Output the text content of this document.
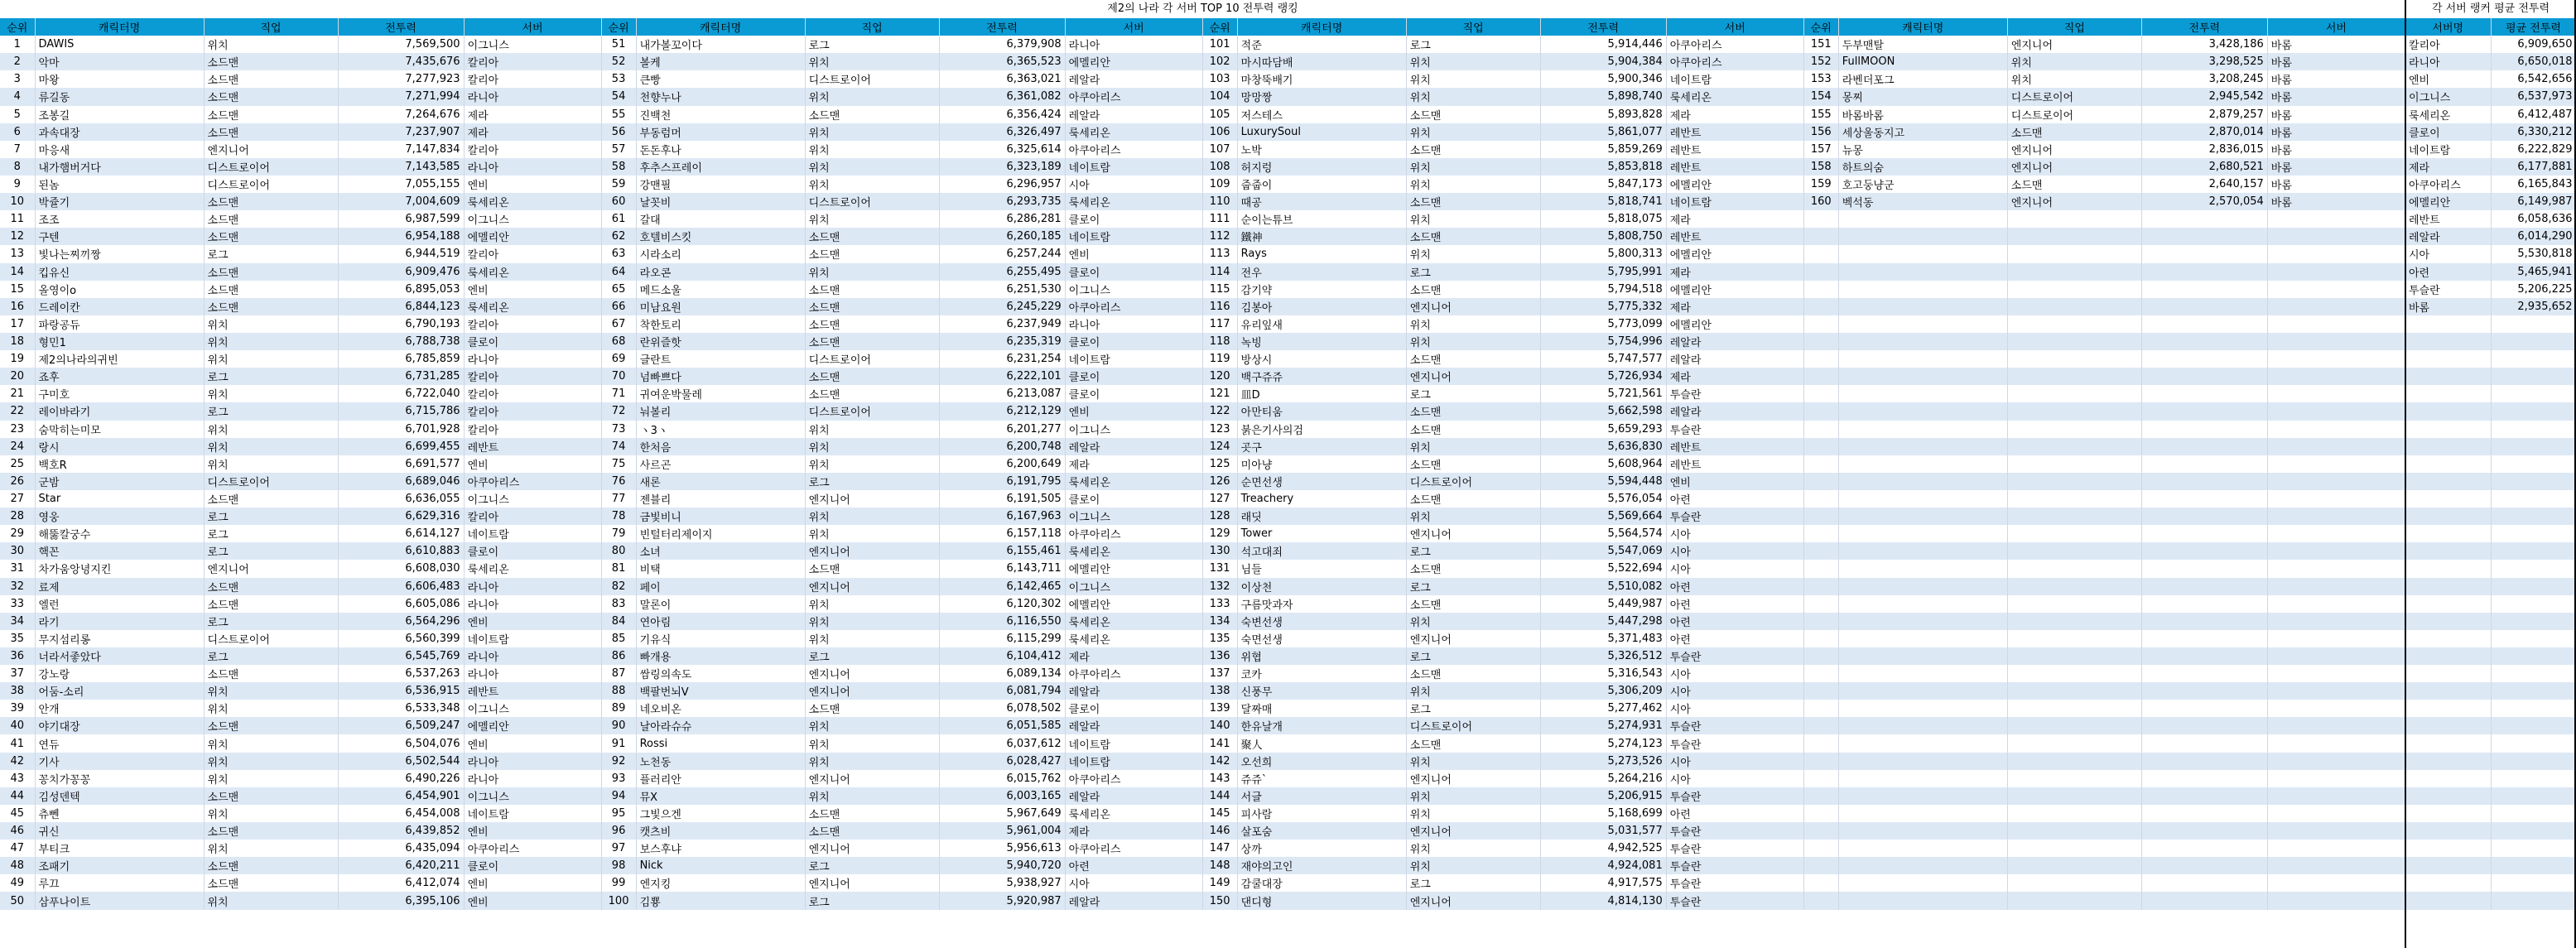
제2의 나라 각 서버 TOP 10 전투력 랭킹	각 서버 랭커 평균 전투력
순위	캐릭터명	직업	전투력	서버	순위	캐릭터명	직업	전투력	서버	순위	캐릭터명	직업	전투력	서버	순위	캐릭터명	직업	전투력	서버
1	DAWIS	위치	7,569,500	이그니스	51	내가볼꼬이다	로그	6,379,908	라니아	101	적준	로그	5,914,446	아쿠아리스	151	두부맨탈	엔지니어	3,428,186	바롬
2	악마	소드맨	7,435,676	칼리아	52	볼케	위치	6,365,523	에멜리안	102	마시따담배	위치	5,904,384	아쿠아리스	152	FullMOON	위치	3,298,525	바롬
3	마왕	소드맨	7,277,923	칼리아	53	큰빵	디스트로이어	6,363,021	레알라	103	마창뚝배기	위치	5,900,346	네이트람	153	라벤더포그	위치	3,208,245	바롬
4	류길동	소드맨	7,271,994	라니아	54	천향누나	위치	6,361,082	아쿠아리스	104	망망짱	위치	5,898,740	룩세리온	154	몽찌	디스트로이어	2,945,542	바롬
5	조봉길	소드맨	7,264,676	제라	55	진백천	소드맨	6,356,424	레알라	105	저스테스	소드맨	5,893,828	제라	155	바롬바롬	디스트로이어	2,879,257	바롬
6	과속대장	소드맨	7,237,907	제라	56	부동럼머	위치	6,326,497	룩세리온	106	LuxurySoul	위치	5,861,077	레반트	156	세상울동지고	소드맨	2,870,014	바롬
7	마응새	엔지니어	7,147,834	칼리아	57	돈돈후나	위치	6,325,614	아쿠아리스	107	노박	소드맨	5,859,269	레반트	157	뉴몽	엔지니어	2,836,015	바롬
8	내가햄버거다	디스트로이어	7,143,585	라니아	58	후추스프레이	위치	6,323,189	네이트람	108	허지렁	위치	5,853,818	레반트	158	하트의숨	엔지니어	2,680,521	바롬
9	된놈	디스트로이어	7,055,155	엔비	59	강맨필	위치	6,296,957	시아	109	줍줍이	위치	5,847,173	에멜리안	159	호고둥냥군	소드맨	2,640,157	바롬
10	박쥴기	소드맨	7,004,609	룩세리온	60	날꼿비	디스트로이어	6,293,735	룩세리온	110	때공	소드맨	5,818,741	네이트람	160	벡석동	엔지니어	2,570,054	바롬
11	조조	소드맨	6,987,599	이그니스	61	갈대	위치	6,286,281	클로이	111	순이는튜브	위치	5,818,075	제라					
12	구텐	소드맨	6,954,188	에멜리안	62	호텔비스킷	소드맨	6,260,185	네이트람	112	鐵神	소드맨	5,808,750	레반트					
13	빛나는찌끼짱	로그	6,944,519	칼리아	63	시라소리	소드맨	6,257,244	엔비	113	Rays	위치	5,800,313	에멜리안					
14	킵유신	소드맨	6,909,476	룩세리온	64	라오콘	위치	6,255,495	클로이	114	전우	로그	5,795,991	제라					
15	올영이o	소드맨	6,895,053	엔비	65	메드소울	소드맨	6,251,530	이그니스	115	감기약	소드맨	5,794,518	에멜리안					
16	드레이칸	소드맨	6,844,123	룩세리온	66	미남요원	소드맨	6,245,229	아쿠아리스	116	김봉아	엔지니어	5,775,332	제라					
17	파랑공듀	위치	6,790,193	칼리아	67	착한토리	소드맨	6,237,949	라니아	117	유리잎새	위치	5,773,099	에멜리안					
18	형민1	위치	6,788,738	클로이	68	란위즐핫	소드맨	6,235,319	클로이	118	녹빙	위치	5,754,996	레알라					
19	제2의나라의귀빈	위치	6,785,859	라니아	69	글란트	디스트로이어	6,231,254	네이트람	119	방상시	소드맨	5,747,577	레알라					
20	죠후	로그	6,731,285	칼리아	70	넘빠쁘다	소드맨	6,222,101	클로이	120	백구쥬쥬	엔지니어	5,726,934	제라					
21	구미호	위치	6,722,040	칼리아	71	귀여운박물레	소드맨	6,213,087	클로이	121	皿D	로그	5,721,561	투슬란					
22	레이바라기	로그	6,715,786	칼리아	72	눠볼리	디스트로이어	6,212,129	엔비	122	아만티움	소드맨	5,662,598	레알라					
23	숨막히는미모	위치	6,701,928	칼리아	73	ヽ3ヽ	위치	6,201,277	이그니스	123	붉은기사의검	소드맨	5,659,293	투슬란					
24	랑시	위치	6,699,455	레반트	74	한처음	위치	6,200,748	레알라	124	곳구	위치	5,636,830	레반트					
25	백호R	위치	6,691,577	엔비	75	사르곤	위치	6,200,649	제라	125	미아냥	소드맨	5,608,964	레반트					
26	군밤	디스트로이어	6,689,046	아쿠아리스	76	새론	로그	6,191,795	룩세리온	126	순면선생	디스트로이어	5,594,448	엔비					
27	Star	소드맨	6,636,055	이그니스	77	젠블리	엔지니어	6,191,505	클로이	127	Treachery	소드맨	5,576,054	아련					
28	영웅	로그	6,629,316	칼리아	78	금빛비니	위치	6,167,963	이그니스	128	래딧	위치	5,569,664	투슬란					
29	해뚫칼궁수	로그	6,614,127	네이트람	79	빈털터리제이지	위치	6,157,118	아쿠아리스	129	Tower	엔지니어	5,564,574	시아					
30	핵꼰	로그	6,610,883	클로이	80	소녀	엔지니어	6,155,461	룩세리온	130	석고대죄	로그	5,547,069	시아					
31	차가움앙녕지킨	엔지니어	6,608,030	룩세리온	81	비택	소드맨	6,143,711	에멜리안	131	님들	소드맨	5,522,694	시아					
32	료제	소드맨	6,606,483	라니아	82	페이	엔지니어	6,142,465	이그니스	132	이상천	로그	5,510,082	아련					
33	엘런	소드맨	6,605,086	라니아	83	말론이	위치	6,120,302	에멜리안	133	구름맛과자	소드맨	5,449,987	아련					
34	라기	로그	6,564,296	엔비	84	연아림	위치	6,116,550	룩세리온	134	숙변선생	위치	5,447,298	아련					
35	무지섬리롱	디스트로이어	6,560,399	네이트람	85	기유식	위치	6,115,299	룩세리온	135	숙면선생	엔지니어	5,371,483	아련					
36	너라서좋았다	로그	6,545,769	라니아	86	빠개용	로그	6,104,412	제라	136	위협	로그	5,326,512	투슬란					
37	강노랑	소드맨	6,537,263	라니아	87	쌈링의속도	엔지니어	6,089,134	아쿠아리스	137	코카	소드맨	5,316,543	시아					
38	어둠-소리	위치	6,536,915	레반트	88	백팔번뇌V	엔지니어	6,081,794	레알라	138	신풍무	위치	5,306,209	시아					
39	안개	위치	6,533,348	이그니스	89	네오비온	소드맨	6,078,502	클로이	139	달짜매	로그	5,277,462	시아					
40	야기대장	소드맨	6,509,247	에멜리안	90	날아라슈슈	위치	6,051,585	레알라	140	한유날개	디스트로이어	5,274,931	투슬란					
41	연듀	위치	6,504,076	엔비	91	Rossi	위치	6,037,612	네이트람	141	聚人	소드맨	5,274,123	투슬란					
42	기사	위치	6,502,544	라니아	92	노천동	위치	6,028,427	네이트람	142	오선희	위치	5,273,526	시아					
43	꽁치가꽁꽁	위치	6,490,226	라니아	93	플러리안	엔지니어	6,015,762	아쿠아리스	143	쥬쥬`	엔지니어	5,264,216	시아					
44	김성덴텍	소드맨	6,454,901	이그니스	94	뮤X	위치	6,003,165	레알라	144	서글	위치	5,206,915	투슬란					
45	츄뻰	위치	6,454,008	네이트람	95	그빛으겐	소드맨	5,967,649	룩세리온	145	피사람	위치	5,168,699	아련					
46	귀신	소드맨	6,439,852	엔비	96	캣츠비	소드맨	5,961,004	제라	146	살포숨	엔지니어	5,031,577	투슬란					
47	부티크	위치	6,435,094	아쿠아리스	97	보스후냐	엔지니어	5,956,613	아쿠아리스	147	상까	위치	4,942,525	투슬란					
48	조패기	소드맨	6,420,211	클로이	98	Nick	로그	5,940,720	아련	148	재야의고인	위치	4,924,081	투슬란					
49	루끄	소드맨	6,412,074	엔비	99	엔지킹	엔지니어	5,938,927	시아	149	감쿨대장	로그	4,917,575	투슬란					
50	삼푸나이트	위치	6,395,106	엔비	100	김뿅	로그	5,920,987	레알라	150	댄디형	엔지니어	4,814,130	투슬란					
서버명	평균 전투력
칼리아	6,909,650
라니아	6,650,018
엔비	6,542,656
이그니스	6,537,973
룩세리온	6,412,487
클로이	6,330,212
네이트람	6,222,829
제라	6,177,881
아쿠아리스	6,165,843
에멜리안	6,149,987
레반트	6,058,636
레알라	6,014,290
시아	5,530,818
아련	5,465,941
투슬란	5,206,225
바롬	2,935,652
